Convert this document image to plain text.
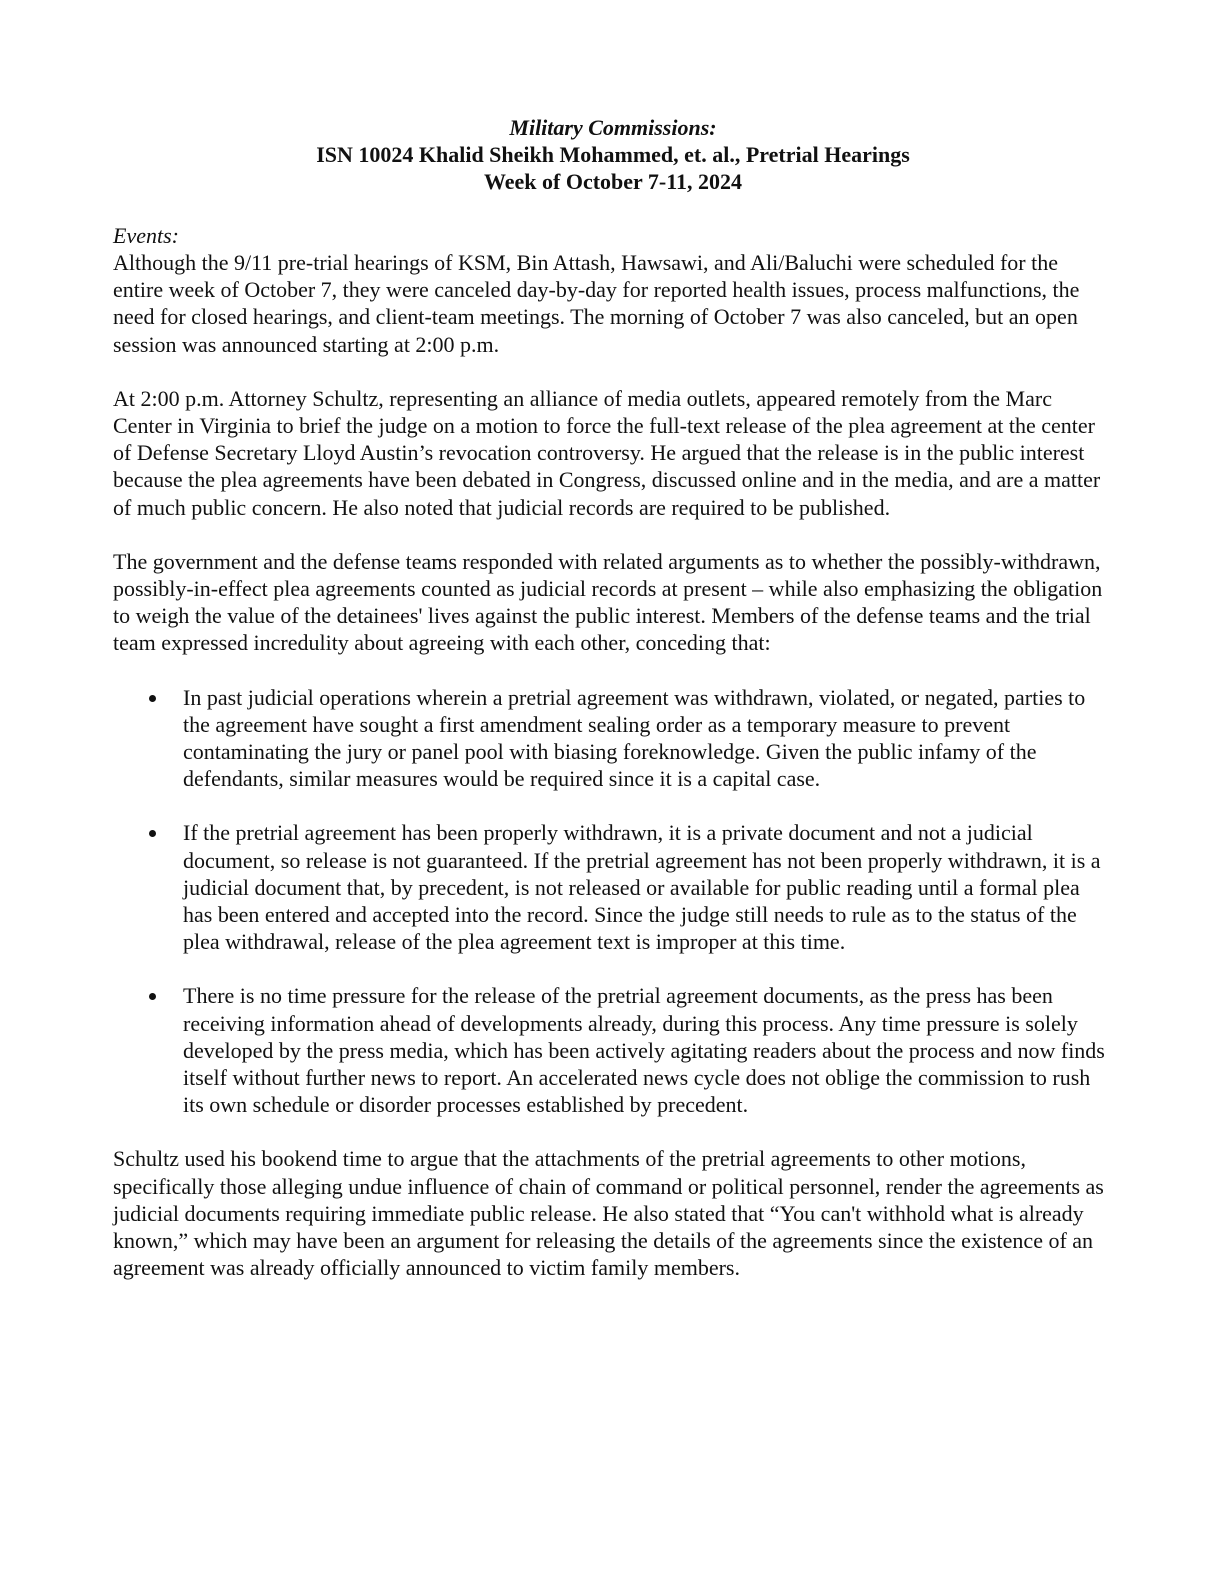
Military Commissions:
ISN 10024 Khalid Sheikh Mohammed, et. al., Pretrial Hearings
Week of October 7-11, 2024
Events:

Although the 9/11 pre-trial hearings of KSM, Bin Attash, Hawsawi, and Ali/Baluchi were scheduled for the entire week of October 7, they were canceled day-by-day for reported health issues, process malfunctions, the need for closed hearings, and client-team meetings. The morning of October 7 was also canceled, but an open session was announced starting at 2:00 p.m.

At 2:00 p.m. Attorney Schultz, representing an alliance of media outlets, appeared remotely from the Marc Center in Virginia to brief the judge on a motion to force the full-text release of the plea agreement at the center of Defense Secretary Lloyd Austin’s revocation controversy. He argued that the release is in the public interest because the plea agreements have been debated in Congress, discussed online and in the media, and are a matter of much public concern. He also noted that judicial records are required to be published.

The government and the defense teams responded with related arguments as to whether the possibly-withdrawn, possibly-in-effect plea agreements counted as judicial records at present – while also emphasizing the obligation to weigh the value of the detainees' lives against the public interest. Members of the defense teams and the trial team expressed incredulity about agreeing with each other, conceding that:

In past judicial operations wherein a pretrial agreement was withdrawn, violated, or negated, parties to the agreement have sought a first amendment sealing order as a temporary measure to prevent contaminating the jury or panel pool with biasing foreknowledge. Given the public infamy of the defendants, similar measures would be required since it is a capital case.
If the pretrial agreement has been properly withdrawn, it is a private document and not a judicial document, so release is not guaranteed. If the pretrial agreement has not been properly withdrawn, it is a judicial document that, by precedent, is not released or available for public reading until a formal plea has been entered and accepted into the record. Since the judge still needs to rule as to the status of the plea withdrawal, release of the plea agreement text is improper at this time.
There is no time pressure for the release of the pretrial agreement documents, as the press has been receiving information ahead of developments already, during this process. Any time pressure is solely developed by the press media, which has been actively agitating readers about the process and now finds itself without further news to report. An accelerated news cycle does not oblige the commission to rush its own schedule or disorder processes established by precedent.

Schultz used his bookend time to argue that the attachments of the pretrial agreements to other motions, specifically those alleging undue influence of chain of command or political personnel, render the agreements as judicial documents requiring immediate public release. He also stated that “You can't withhold what is already known,” which may have been an argument for releasing the details of the agreements since the existence of an agreement was already officially announced to victim family members.
